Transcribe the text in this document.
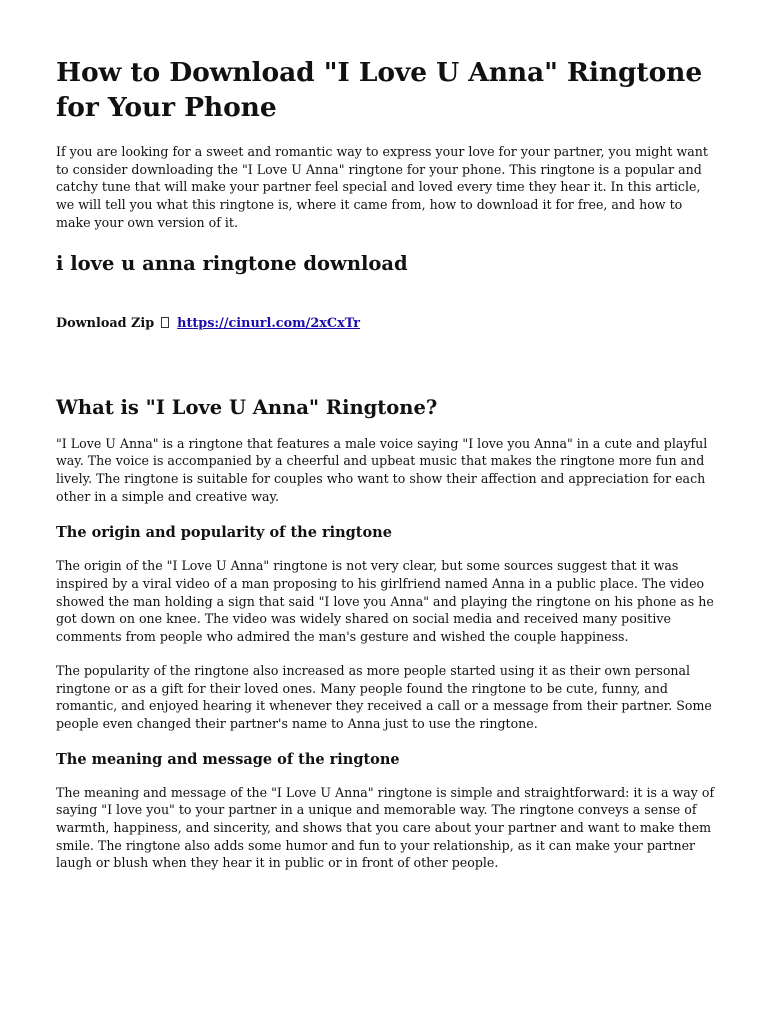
How to Download "I Love U Anna" Ringtone for Your Phone

If you are looking for a sweet and romantic way to express your love for your partner, you might want to consider downloading the "I Love U Anna" ringtone for your phone. This ringtone is a popular and catchy tune that will make your partner feel special and loved every time they hear it. In this article, we will tell you what this ringtone is, where it came from, how to download it for free, and how to make your own version of it.

i love u anna ringtone download
Download Zip https://cinurl.com/2xCxTr
What is "I Love U Anna" Ringtone?

"I Love U Anna" is a ringtone that features a male voice saying "I love you Anna" in a cute and playful way. The voice is accompanied by a cheerful and upbeat music that makes the ringtone more fun and lively. The ringtone is suitable for couples who want to show their affection and appreciation for each other in a simple and creative way.

The origin and popularity of the ringtone

The origin of the "I Love U Anna" ringtone is not very clear, but some sources suggest that it was inspired by a viral video of a man proposing to his girlfriend named Anna in a public place. The video showed the man holding a sign that said "I love you Anna" and playing the ringtone on his phone as he got down on one knee. The video was widely shared on social media and received many positive comments from people who admired the man's gesture and wished the couple happiness.

The popularity of the ringtone also increased as more people started using it as their own personal ringtone or as a gift for their loved ones. Many people found the ringtone to be cute, funny, and romantic, and enjoyed hearing it whenever they received a call or a message from their partner. Some people even changed their partner's name to Anna just to use the ringtone.

The meaning and message of the ringtone

The meaning and message of the "I Love U Anna" ringtone is simple and straightforward: it is a way of saying "I love you" to your partner in a unique and memorable way. The ringtone conveys a sense of warmth, happiness, and sincerity, and shows that you care about your partner and want to make them smile. The ringtone also adds some humor and fun to your relationship, as it can make your partner laugh or blush when they hear it in public or in front of other people.
